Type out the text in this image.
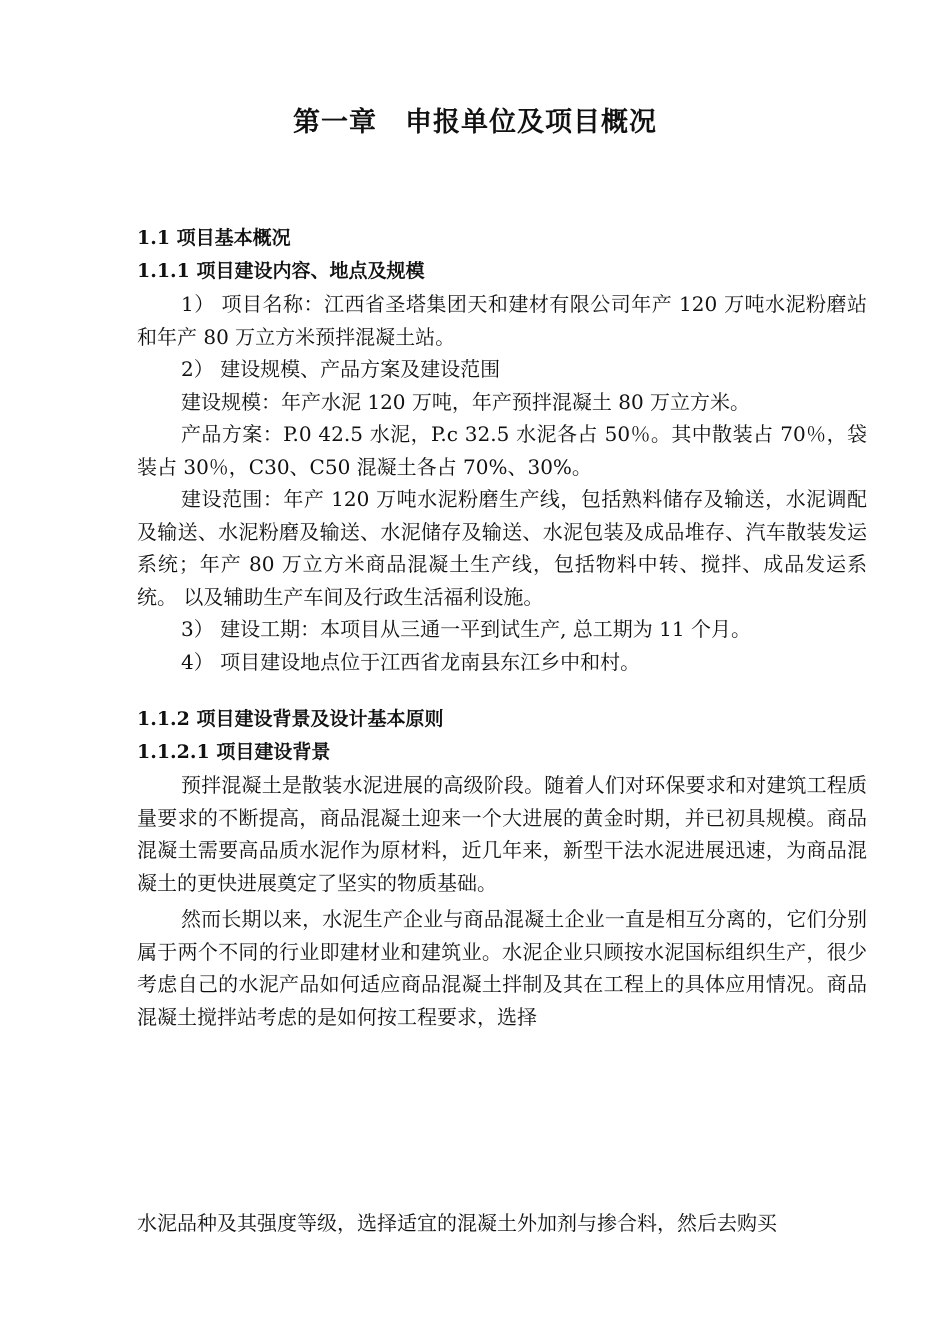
第一章　申报单位及项目概况

1.1 项目基本概况

1.1.1 项目建设内容、地点及规模

1） 项目名称：江西省圣塔集团天和建材有限公司年产 120 万吨水泥粉磨站和年产 80 万立方米预拌混凝土站。

2） 建设规模、产品方案及建设范围

建设规模：年产水泥 120 万吨，年产预拌混凝土 80 万立方米。

产品方案：P.0 42.5 水泥，P.c 32.5 水泥各占 50％。其中散装占 70％，袋装占 30％，C30、C50 混凝土各占 70%、30%。

建设范围：年产 120 万吨水泥粉磨生产线，包括熟料储存及输送，水泥调配及输送、水泥粉磨及输送、水泥储存及输送、水泥包装及成品堆存、汽车散装发运系统；年产 80 万立方米商品混凝土生产线，包括物料中转、搅拌、成品发运系统。 以及辅助生产车间及行政生活福利设施。

3） 建设工期：本项目从三通一平到试生产, 总工期为 11 个月。

4） 项目建设地点位于江西省龙南县东江乡中和村。

1.1.2 项目建设背景及设计基本原则

1.1.2.1 项目建设背景

预拌混凝土是散装水泥进展的高级阶段。随着人们对环保要求和对建筑工程质量要求的不断提高，商品混凝土迎来一个大进展的黄金时期，并已初具规模。商品混凝土需要高品质水泥作为原材料，近几年来，新型干法水泥进展迅速，为商品混凝土的更快进展奠定了坚实的物质基础。

然而长期以来，水泥生产企业与商品混凝土企业一直是相互分离的，它们分别属于两个不同的行业即建材业和建筑业。水泥企业只顾按水泥国标组织生产，很少考虑自己的水泥产品如何适应商品混凝土拌制及其在工程上的具体应用情况。商品混凝土搅拌站考虑的是如何按工程要求，选择

水泥品种及其强度等级，选择适宜的混凝土外加剂与掺合料，然后去购买
